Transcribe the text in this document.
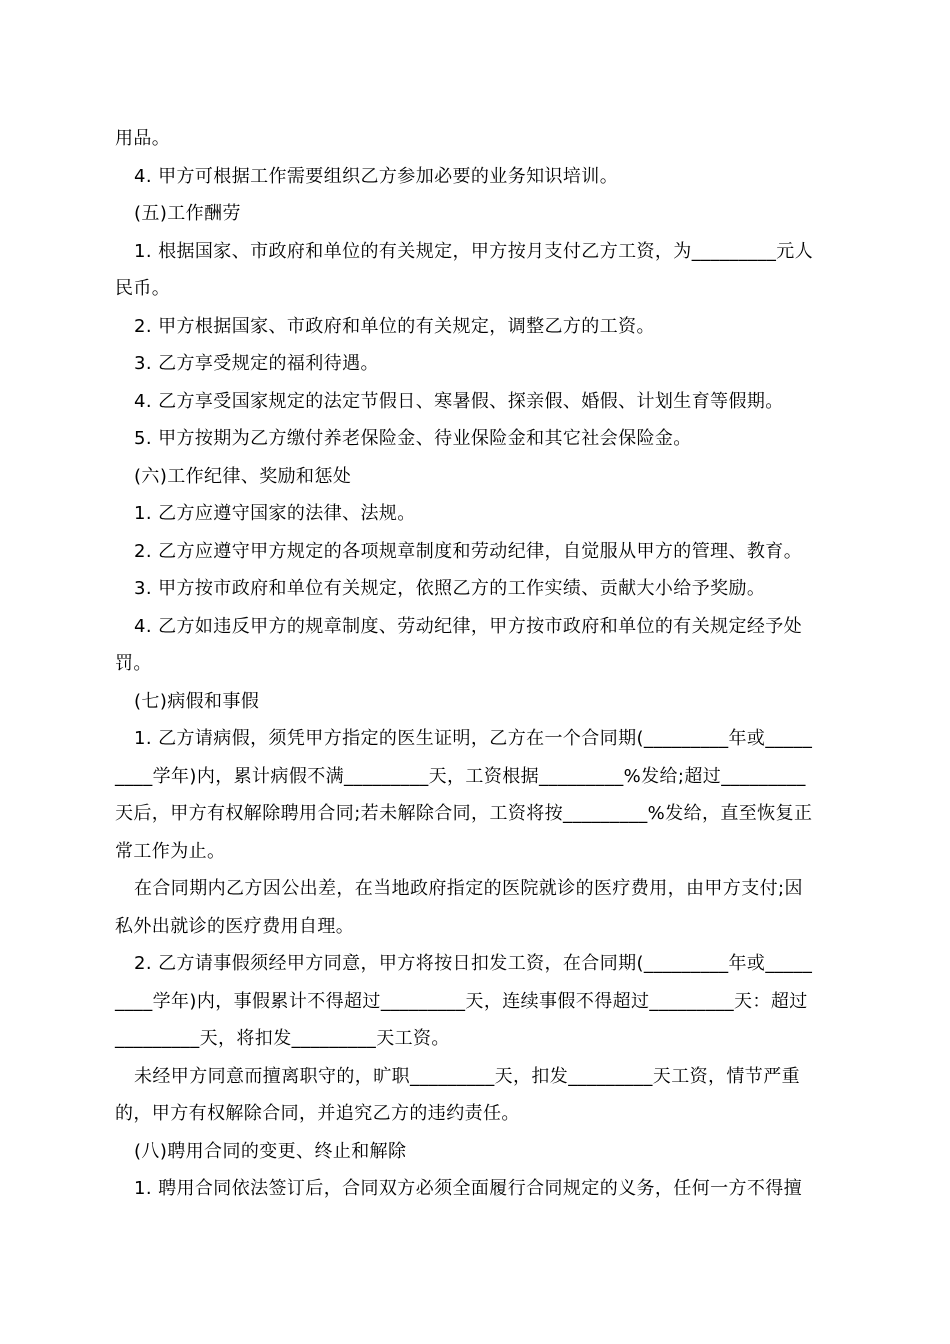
用品。
4. 甲方可根据工作需要组织乙方参加必要的业务知识培训。
(五)工作酬劳
1. 根据国家、市政府和单位的有关规定，甲方按月支付乙方工资，为_________元人
民币。
2. 甲方根据国家、市政府和单位的有关规定，调整乙方的工资。
3. 乙方享受规定的福利待遇。
4. 乙方享受国家规定的法定节假日、寒暑假、探亲假、婚假、计划生育等假期。
5. 甲方按期为乙方缴付养老保险金、待业保险金和其它社会保险金。
(六)工作纪律、奖励和惩处
1. 乙方应遵守国家的法律、法规。
2. 乙方应遵守甲方规定的各项规章制度和劳动纪律，自觉服从甲方的管理、教育。
3. 甲方按市政府和单位有关规定，依照乙方的工作实绩、贡献大小给予奖励。
4. 乙方如违反甲方的规章制度、劳动纪律，甲方按市政府和单位的有关规定经予处
罚。
(七)病假和事假
1. 乙方请病假，须凭甲方指定的医生证明，乙方在一个合同期(_________年或_____
____学年)内，累计病假不满_________天，工资根据_________%发给;超过_________
天后，甲方有权解除聘用合同;若未解除合同，工资将按_________%发给，直至恢复正
常工作为止。
在合同期内乙方因公出差，在当地政府指定的医院就诊的医疗费用，由甲方支付;因
私外出就诊的医疗费用自理。
2. 乙方请事假须经甲方同意，甲方将按日扣发工资，在合同期(_________年或_____
____学年)内，事假累计不得超过_________天，连续事假不得超过_________天：超过
_________天，将扣发_________天工资。
未经甲方同意而擅离职守的，旷职_________天，扣发_________天工资，情节严重
的，甲方有权解除合同，并追究乙方的违约责任。
(八)聘用合同的变更、终止和解除
1. 聘用合同依法签订后，合同双方必须全面履行合同规定的义务，任何一方不得擅
